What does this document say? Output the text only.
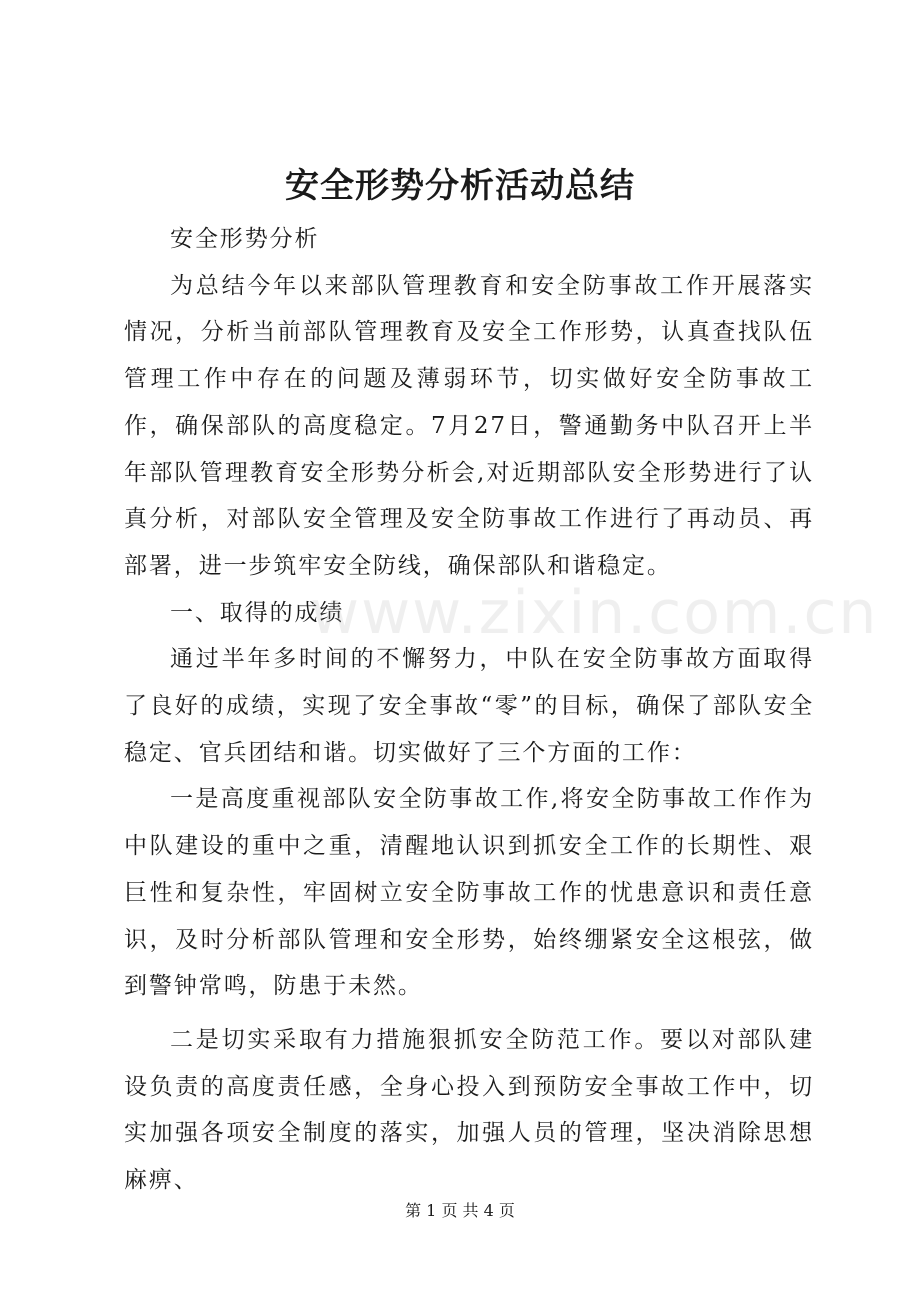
安全形势分析活动总结

安全形势分析

为总结今年以来部队管理教育和安全防事故工作开展落实情况，分析当前部队管理教育及安全工作形势，认真查找队伍管理工作中存在的问题及薄弱环节，切实做好安全防事故工作，确保部队的高度稳定。7月27日，警通勤务中队召开上半年部队管理教育安全形势分析会,对近期部队安全形势进行了认真分析，对部队安全管理及安全防事故工作进行了再动员、再部署，进一步筑牢安全防线，确保部队和谐稳定。

一、取得的成绩

通过半年多时间的不懈努力，中队在安全防事故方面取得了良好的成绩，实现了安全事故“零”的目标，确保了部队安全稳定、官兵团结和谐。切实做好了三个方面的工作：

一是高度重视部队安全防事故工作,将安全防事故工作作为中队建设的重中之重，清醒地认识到抓安全工作的长期性、艰巨性和复杂性，牢固树立安全防事故工作的忧患意识和责任意识，及时分析部队管理和安全形势，始终绷紧安全这根弦，做到警钟常鸣，防患于未然。

二是切实采取有力措施狠抓安全防范工作。要以对部队建设负责的高度责任感，全身心投入到预防安全事故工作中，切实加强各项安全制度的落实，加强人员的管理，坚决消除思想麻痹、

www.zixin.com.cn
第 1 页 共 4 页
